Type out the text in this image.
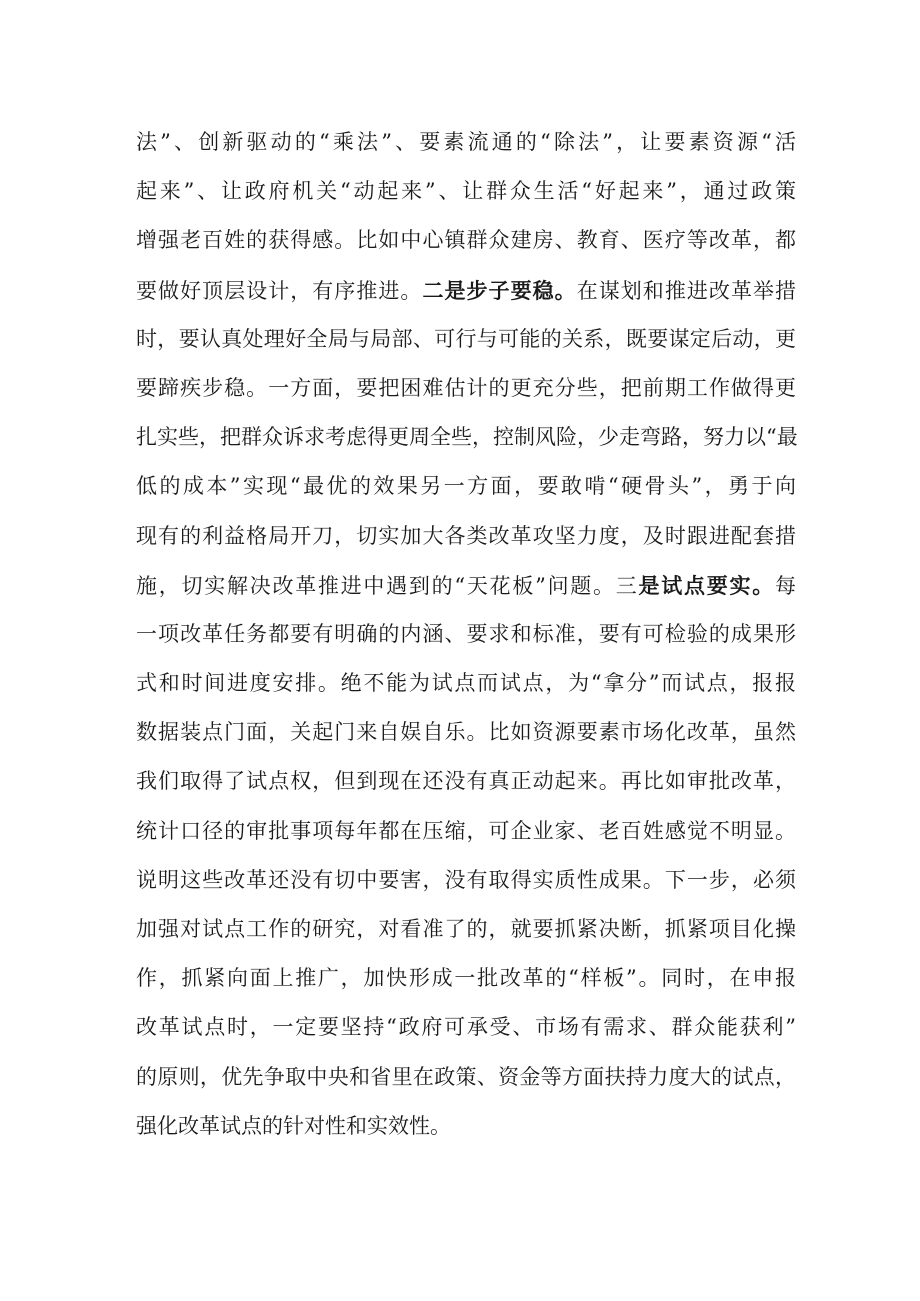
法”、创新驱动的“乘法”、要素流通的“除法”，让要素资源“活
起来”、让政府机关“动起来”、让群众生活“好起来”，通过政策
增强老百姓的获得感。比如中心镇群众建房、教育、医疗等改革，都
要做好顶层设计，有序推进。二是步子要稳。在谋划和推进改革举措
时，要认真处理好全局与局部、可行与可能的关系，既要谋定后动，更
要蹄疾步稳。一方面，要把困难估计的更充分些，把前期工作做得更
扎实些，把群众诉求考虑得更周全些，控制风险，少走弯路，努力以“最
低的成本”实现“最优的效果另一方面，要敢啃“硬骨头”，勇于向
现有的利益格局开刀，切实加大各类改革攻坚力度，及时跟进配套措
施，切实解决改革推进中遇到的“天花板”问题。三是试点要实。每
一项改革任务都要有明确的内涵、要求和标准，要有可检验的成果形
式和时间进度安排。绝不能为试点而试点，为“拿分”而试点，报报
数据装点门面，关起门来自娱自乐。比如资源要素市场化改革，虽然
我们取得了试点权，但到现在还没有真正动起来。再比如审批改革，
统计口径的审批事项每年都在压缩，可企业家、老百姓感觉不明显。
说明这些改革还没有切中要害，没有取得实质性成果。下一步，必须
加强对试点工作的研究，对看准了的，就要抓紧决断，抓紧项目化操
作，抓紧向面上推广，加快形成一批改革的“样板”。同时，在申报
改革试点时，一定要坚持“政府可承受、市场有需求、群众能获利”
的原则，优先争取中央和省里在政策、资金等方面扶持力度大的试点，
强化改革试点的针对性和实效性。
